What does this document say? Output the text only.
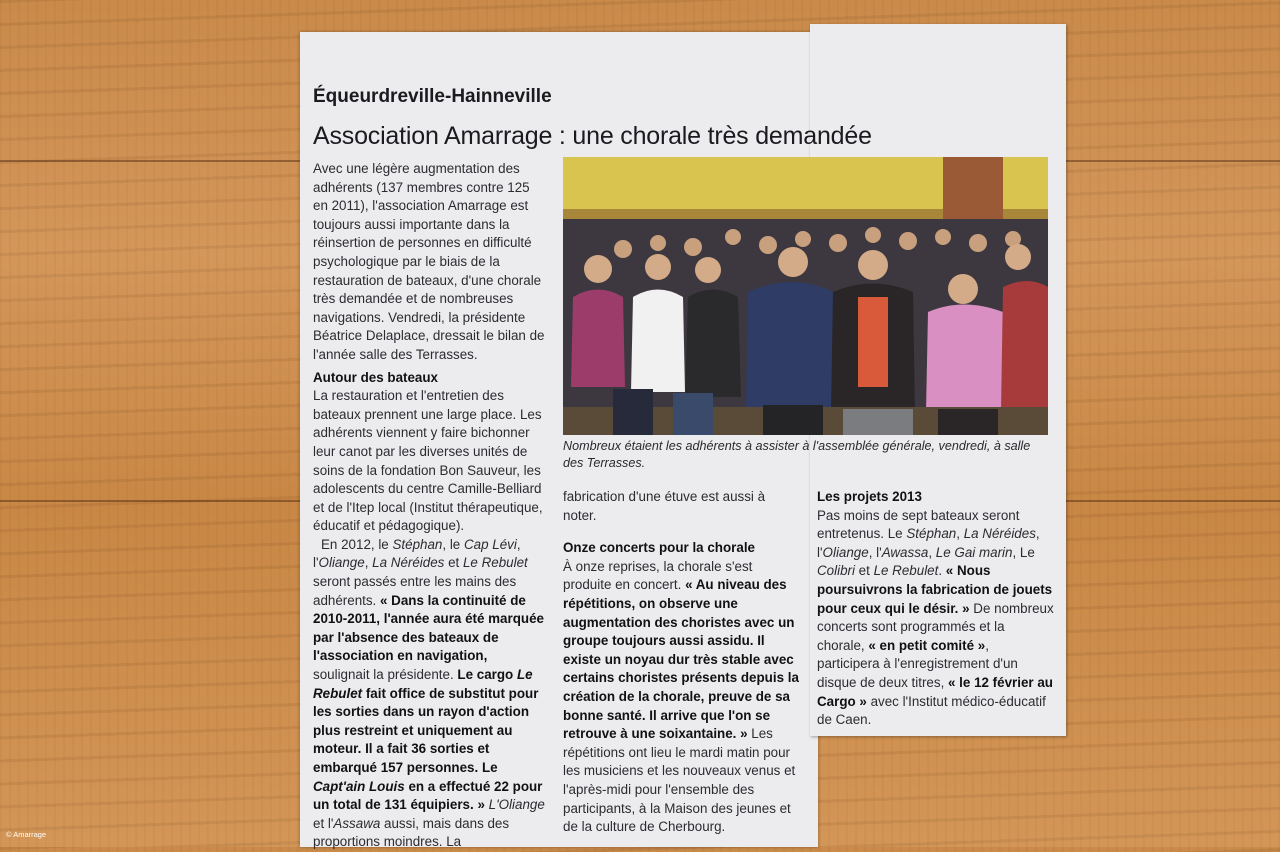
Équeurdreville-Hainneville
Association Amarrage : une chorale très demandée

Avec une légère augmentation des adhérents (137 membres contre 125 en 2011), l'association Amarrage est toujours aussi importante dans la réinsertion de personnes en difficulté psychologique par le biais de la restauration de bateaux, d'une chorale très demandée et de nombreuses navigations. Vendredi, la présidente Béatrice Delaplace, dressait le bilan de l'année salle des Terrasses.

Autour des bateaux

La restauration et l'entretien des bateaux prennent une large place. Les adhérents viennent y faire bichonner leur canot par les diverses unités de soins de la fondation Bon Sauveur, les adolescents du centre Camille-Belliard et de l'Itep local (Institut thérapeutique, éducatif et pédagogique).

En 2012, le Stéphan, le Cap Lévi, l'Oliange, La Néréides et Le Rebulet seront passés entre les mains des adhérents. « Dans la continuité de 2010-2011, l'année aura été marquée par l'absence des bateaux de l'association en navigation, soulignait la présidente. Le cargo Le Rebulet fait office de substitut pour les sorties dans un rayon d'action plus restreint et uniquement au moteur. Il a fait 36 sorties et embarqué 157 personnes. Le Capt'ain Louis en a effectué 22 pour un total de 131 équipiers. » L'Oliange et l'Assawa aussi, mais dans des proportions moindres. La

Nombreux étaient les adhérents à assister à l'assemblée générale, vendredi, à salle des Terrasses.

fabrication d'une étuve est aussi à noter.

Onze concerts pour la chorale

À onze reprises, la chorale s'est produite en concert. « Au niveau des répétitions, on observe une augmentation des choristes avec un groupe toujours aussi assidu. Il existe un noyau dur très stable avec certains choristes présents depuis la création de la chorale, preuve de sa bonne santé. Il arrive que l'on se retrouve à une soixantaine. » Les répétitions ont lieu le mardi matin pour les musiciens et les nouveaux venus et l'après-midi pour l'ensemble des participants, à la Maison des jeunes et de la culture de Cherbourg.

Les projets 2013

Pas moins de sept bateaux seront entretenus. Le Stéphan, La Néréides, l'Oliange, l'Awassa, Le Gai marin, Le Colibri et Le Rebulet. « Nous poursuivrons la fabrication de jouets pour ceux qui le désir. » De nombreux concerts sont programmés et la chorale, « en petit comité », participera à l'enregistrement d'un disque de deux titres, « le 12 février au Cargo » avec l'Institut médico-éducatif de Caen.

© Amarrage
